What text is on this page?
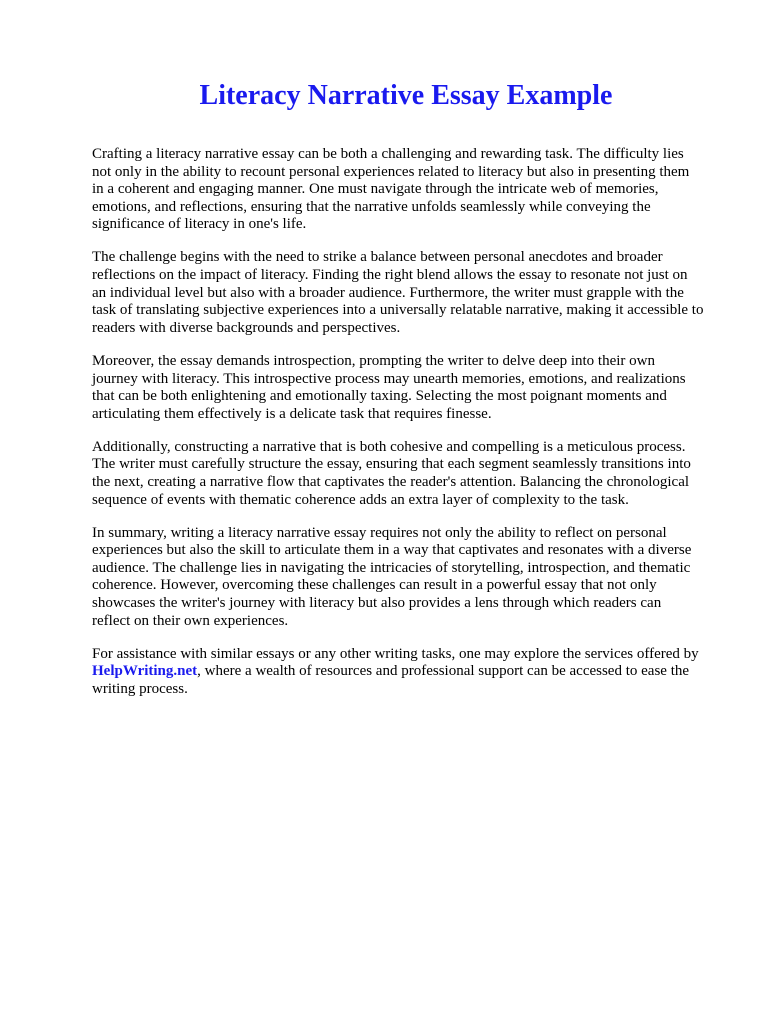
Literacy Narrative Essay Example

Crafting a literacy narrative essay can be both a challenging and rewarding task. The difficulty lies
not only in the ability to recount personal experiences related to literacy but also in presenting them
in a coherent and engaging manner. One must navigate through the intricate web of memories,
emotions, and reflections, ensuring that the narrative unfolds seamlessly while conveying the
significance of literacy in one's life.

The challenge begins with the need to strike a balance between personal anecdotes and broader
reflections on the impact of literacy. Finding the right blend allows the essay to resonate not just on
an individual level but also with a broader audience. Furthermore, the writer must grapple with the
task of translating subjective experiences into a universally relatable narrative, making it accessible to
readers with diverse backgrounds and perspectives.

Moreover, the essay demands introspection, prompting the writer to delve deep into their own
journey with literacy. This introspective process may unearth memories, emotions, and realizations
that can be both enlightening and emotionally taxing. Selecting the most poignant moments and
articulating them effectively is a delicate task that requires finesse.

Additionally, constructing a narrative that is both cohesive and compelling is a meticulous process.
The writer must carefully structure the essay, ensuring that each segment seamlessly transitions into
the next, creating a narrative flow that captivates the reader's attention. Balancing the chronological
sequence of events with thematic coherence adds an extra layer of complexity to the task.

In summary, writing a literacy narrative essay requires not only the ability to reflect on personal
experiences but also the skill to articulate them in a way that captivates and resonates with a diverse
audience. The challenge lies in navigating the intricacies of storytelling, introspection, and thematic
coherence. However, overcoming these challenges can result in a powerful essay that not only
showcases the writer's journey with literacy but also provides a lens through which readers can
reflect on their own experiences.

For assistance with similar essays or any other writing tasks, one may explore the services offered by
HelpWriting.net, where a wealth of resources and professional support can be accessed to ease the
writing process.
